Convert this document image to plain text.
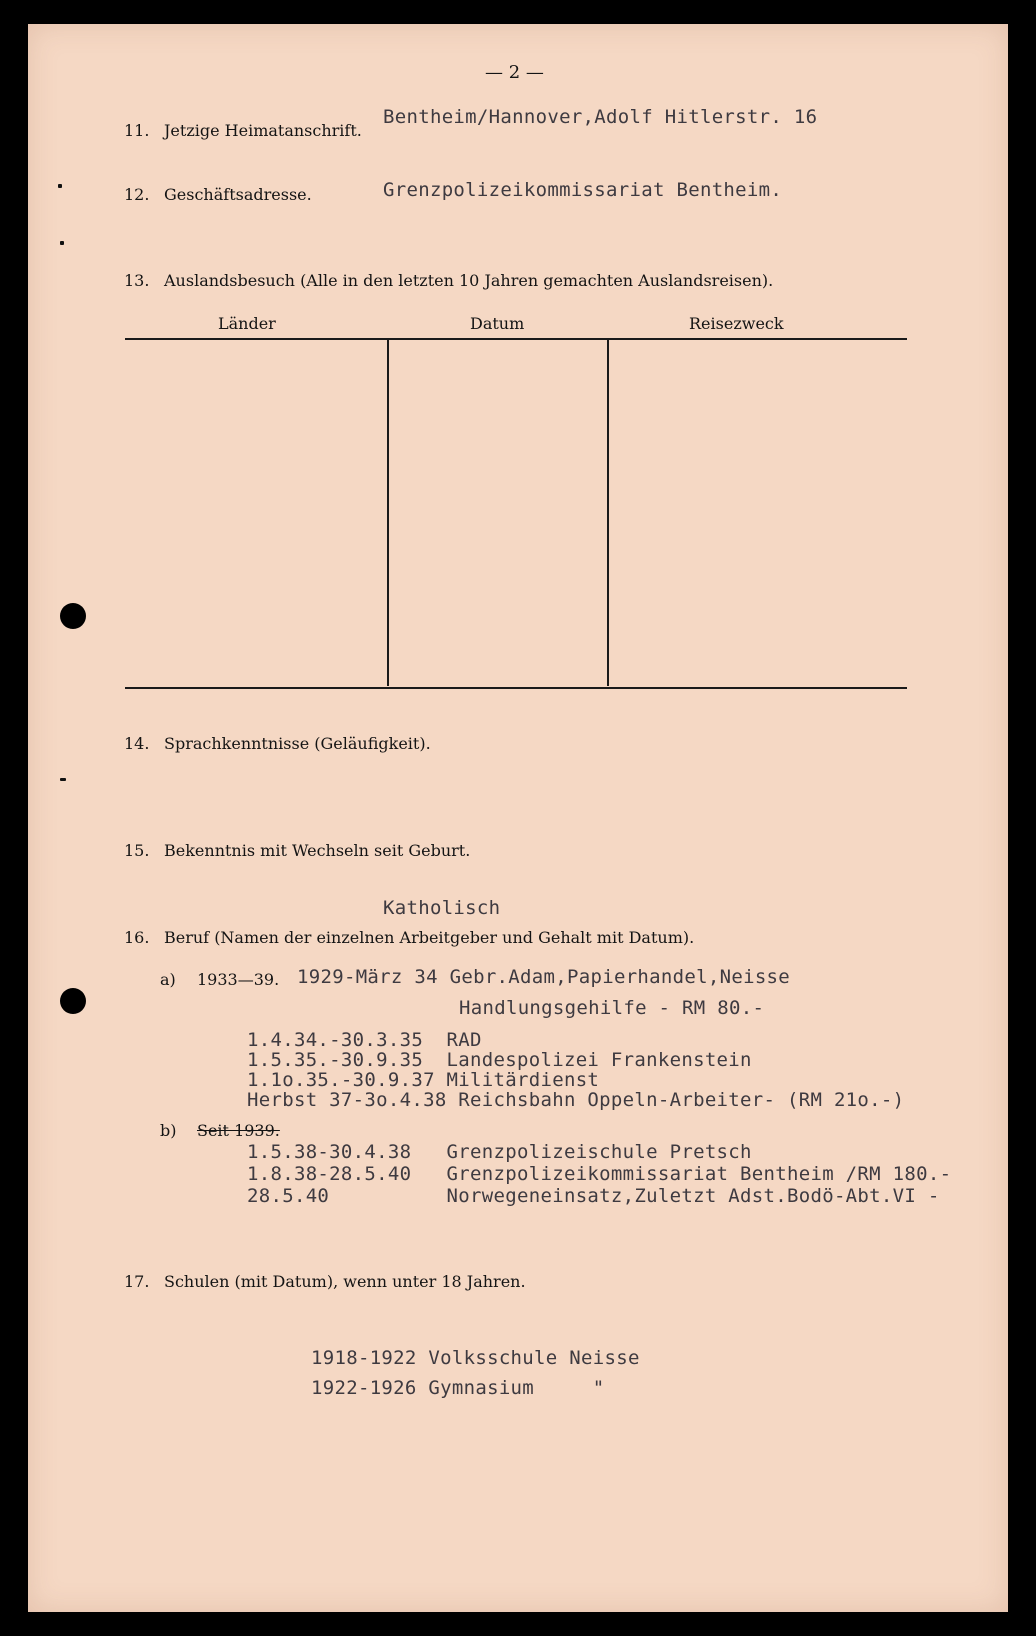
— 2 —
11. Jetzige Heimatanschrift.
Bentheim/Hannover,Adolf Hitlerstr. 16
12. Geschäftsadresse.	Grenzpolizeikommissariat Bentheim.
13. Auslandsbesuch (Alle in den letzten 10 Jahren gemachten Auslandsreisen).
Länder	Datum	Reisezweck
14. Sprachkenntnisse (Geläufigkeit).
15. Bekenntnis mit Wechseln seit Geburt.
Katholisch
16. Beruf (Namen der einzelnen Arbeitgeber und Gehalt mit Datum).
a) 1933—39. 1929-März 34 Gebr.Adam,Papierhandel,Neisse
Handlungsgehilfe - RM 80.-
1.4.34.-30.3.35  RAD
1.5.35.-30.9.35  Landespolizei Frankenstein
1.1o.35.-30.9.37 Militärdienst
Herbst 37-3o.4.38 Reichsbahn Oppeln-Arbeiter- (RM 21o.-)
b) Seit 1939.
1.5.38-30.4.38   Grenzpolizeischule Pretsch
1.8.38-28.5.40   Grenzpolizeikommissariat Bentheim /RM 180.-
28.5.40          Norwegeneinsatz,Zuletzt Adst.Bodö-Abt.VI -
17. Schulen (mit Datum), wenn unter 18 Jahren.
1918-1922 Volksschule Neisse
1922-1926 Gymnasium     "
